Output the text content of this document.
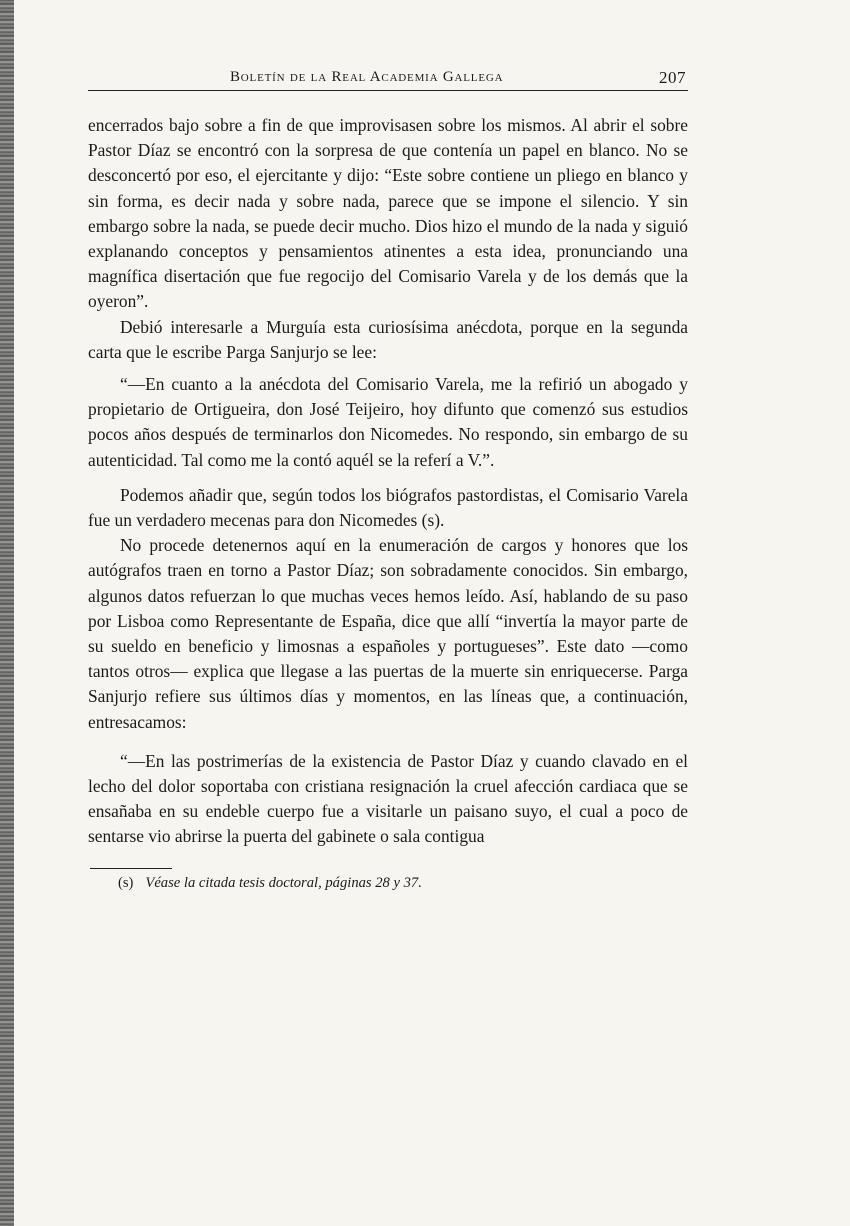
Boletín de la Real Academia Gallega	207

encerrados bajo sobre a fin de que improvisasen sobre los mismos. Al abrir el sobre Pastor Díaz se encontró con la sorpresa de que contenía un papel en blanco. No se desconcertó por eso, el ejercitante y dijo: “Este sobre contiene un pliego en blanco y sin forma, es decir nada y sobre nada, parece que se impone el silencio. Y sin embargo sobre la nada, se puede decir mucho. Dios hizo el mundo de la nada y siguió explanando conceptos y pensamientos atinentes a esta idea, pronunciando una magnífica disertación que fue regocijo del Comisario Varela y de los demás que la oyeron”.

Debió interesarle a Murguía esta curiosísima anécdota, porque en la segunda carta que le escribe Parga Sanjurjo se lee:

“—En cuanto a la anécdota del Comisario Varela, me la refirió un abogado y propietario de Ortigueira, don José Teijeiro, hoy difunto que comenzó sus estudios pocos años después de terminarlos don Nicomedes. No respondo, sin embargo de su autenticidad. Tal como me la contó aquél se la referí a V.”.

Podemos añadir que, según todos los biógrafos pastordistas, el Comisario Varela fue un verdadero mecenas para don Nicomedes (s).

No procede detenernos aquí en la enumeración de cargos y honores que los autógrafos traen en torno a Pastor Díaz; son sobradamente conocidos. Sin embargo, algunos datos refuerzan lo que muchas veces hemos leído. Así, hablando de su paso por Lisboa como Representante de España, dice que allí “invertía la mayor parte de su sueldo en beneficio y limosnas a españoles y portugueses”. Este dato —como tantos otros— explica que llegase a las puertas de la muerte sin enriquecerse. Parga Sanjurjo refiere sus últimos días y momentos, en las líneas que, a continuación, entresacamos:

“—En las postrimerías de la existencia de Pastor Díaz y cuando clavado en el lecho del dolor soportaba con cristiana resignación la cruel afección cardiaca que se ensañaba en su endeble cuerpo fue a visitarle un paisano suyo, el cual a poco de sentarse vio abrirse la puerta del gabinete o sala contigua

(s) Véase la citada tesis doctoral, páginas 28 y 37.
